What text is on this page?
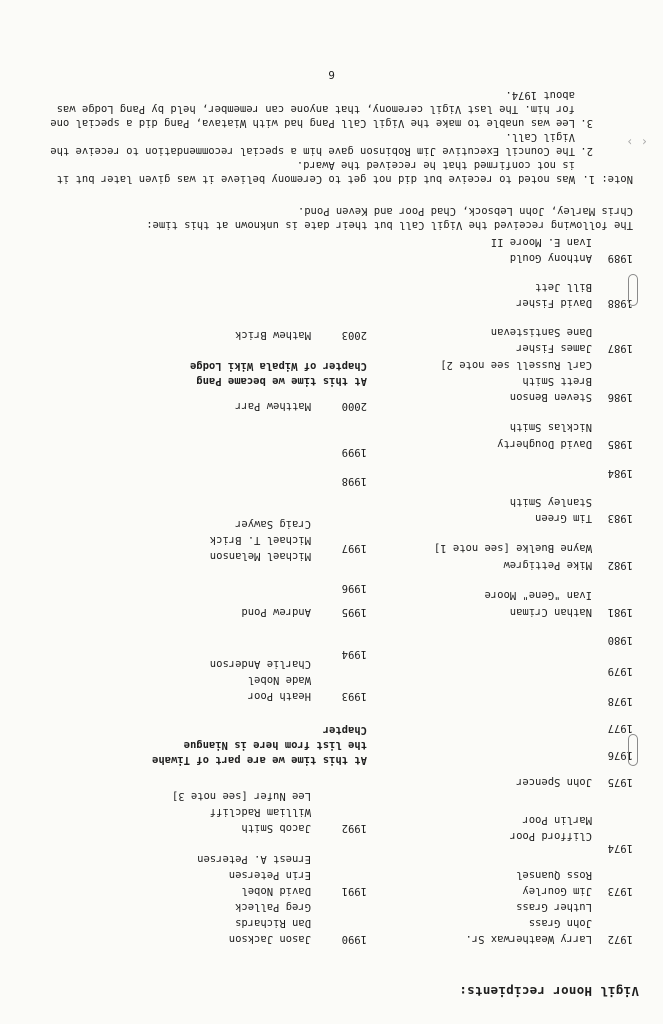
Vigil Honor recipients:
1972
Larry Weatherwax Sr.
John Grass
Luther Grass
1973
Jim Gourley
Ross Quansel
1974
Clifford Poor
Marlin Poor
1975
John Spencer
1976
1977
1978
1979
1980
1981
Nathan Criman
Ivan "Gene" Moore
1982
Mike Pettigrew
Wayne Buelke [see note 1]
1983
Tim Green
Stanley Smith
1984
1985
David Dougherty
Nicklas Smith
1986
Steven Benson
Brett Smith
Carl Russell see note 2]
1987
James Fisher
Dane Santistevan
1988
David Fisher
Bill Jett
1989
Anthony Gould
Ivan E. Moore II
1990
Jason Jackson
Dan Richards
Greg Palleck
1991
David Nobel
Erin Petersen
Ernest A. Petersen
1992
Jacob Smith
William Radcliff
Lee Nufer [see note 3]
At this time we are part of Tiwahe
the list from here is Niangue
Chapter
1993
Heath Poor
Wade Nobel
1994
Charlie Anderson
1995
Andrew Pond
1996
1997
Michael Melanson
Michael T. Brick
Craig Sawyer
1998
1999
2000
Matthew Parr
At this time we became Pang
Chapter of Wipala Wiki Lodge
2003
Mathew Brick
The following received the Vigil Call but their date is unknown at this time:
Chris Marley, John Lebsock, Chad Poor and Keven Pond.
Note: 1.
Was noted to receive but did not get to Ceremony believe it was given later but it is not confirmed that he received the Award.
2.
The Council Executive Jim Robinson gave him a special recommendation to receive the Vigil Call.
3.
Lee was unable to make the Vigil Call Pang had with Wiatava, Pang did a special one for him. The last Vigil ceremony, that anyone can remember, held by Pang Lodge was about 1974.
6
‹ ›
